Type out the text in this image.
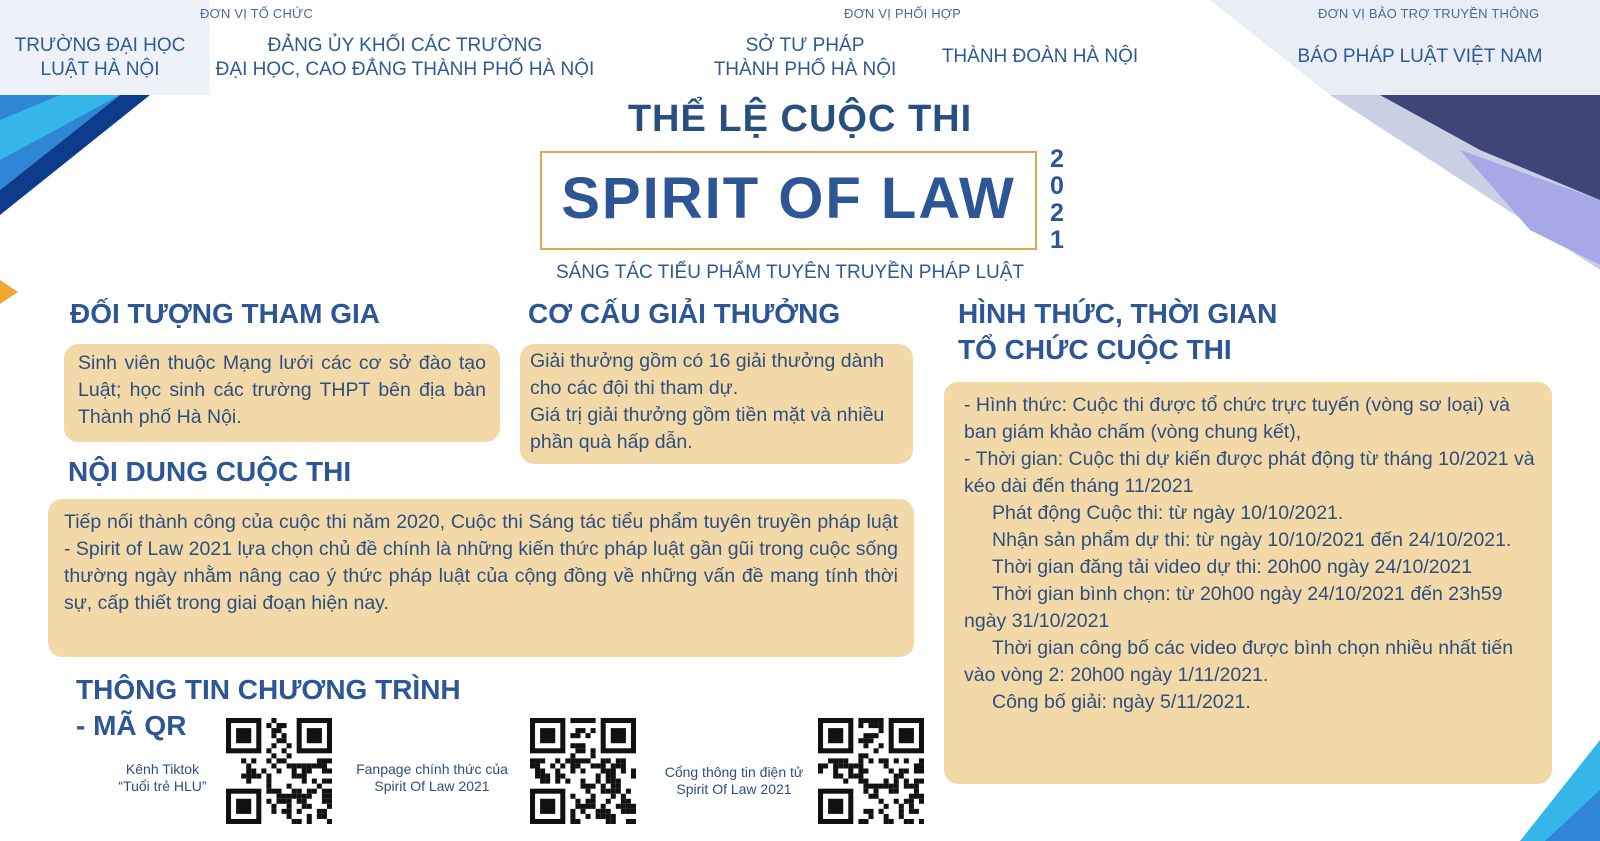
ĐƠN VỊ TỔ CHỨC	ĐƠN VỊ PHỐI HỢP	ĐƠN VỊ BẢO TRỢ TRUYỀN THÔNG
TRƯỜNG ĐẠI HỌC
LUẬT HÀ NỘI
ĐẢNG ỦY KHỐI CÁC TRƯỜNG
ĐẠI HỌC, CAO ĐẲNG THÀNH PHỐ HÀ NỘI
SỞ TƯ PHÁP
THÀNH PHỐ HÀ NỘI
THÀNH ĐOÀN HÀ NỘI	BÁO PHÁP LUẬT VIỆT NAM
THỂ LỆ CUỘC THI
SPIRIT OF LAW
2
0
2
1
SÁNG TÁC TIỂU PHẨM TUYÊN TRUYỀN PHÁP LUẬT
ĐỐI TƯỢNG THAM GIA
Sinh viên thuộc Mạng lưới các cơ sở đào tạo Luật; học sinh các trường THPT bên địa bàn Thành phố Hà Nội.
CƠ CẤU GIẢI THƯỞNG
Giải thưởng gồm có 16 giải thưởng dành cho các đội thi tham dự.
Giá trị giải thưởng gồm tiền mặt và nhiều phần quà hấp dẫn.
NỘI DUNG CUỘC THI
Tiếp nối thành công của cuộc thi năm 2020, Cuộc thi Sáng tác tiểu phẩm tuyên truyền pháp luật - Spirit of Law 2021 lựa chọn chủ đề chính là những kiến thức pháp luật gần gũi trong cuộc sống thường ngày nhằm nâng cao ý thức pháp luật của cộng đồng về những vấn đề mang tính thời sự, cấp thiết trong giai đoạn hiện nay.
HÌNH THỨC, THỜI GIAN
TỔ CHỨC CUỘC THI
- Hình thức: Cuộc thi được tổ chức trực tuyến (vòng sơ loại) và ban giám khảo chấm (vòng chung kết),
- Thời gian: Cuộc thi dự kiến được phát động từ tháng 10/2021 và kéo dài đến tháng 11/2021
Phát động Cuộc thi: từ ngày 10/10/2021.
Nhận sản phẩm dự thi: từ ngày 10/10/2021 đến 24/10/2021.
Thời gian đăng tải video dự thi: 20h00 ngày 24/10/2021
Thời gian bình chọn: từ 20h00 ngày 24/10/2021 đến 23h59 ngày 31/10/2021
Thời gian công bố các video được bình chọn nhiều nhất tiến vào vòng 2: 20h00 ngày 1/11/2021.
Công bố giải: ngày 5/11/2021.
THÔNG TIN CHƯƠNG TRÌNH
- MÃ QR
Kênh Tiktok
“Tuổi trẻ HLU”
Fanpage chính thức của
Spirit Of Law 2021
Cổng thông tin điện tử
Spirit Of Law 2021
